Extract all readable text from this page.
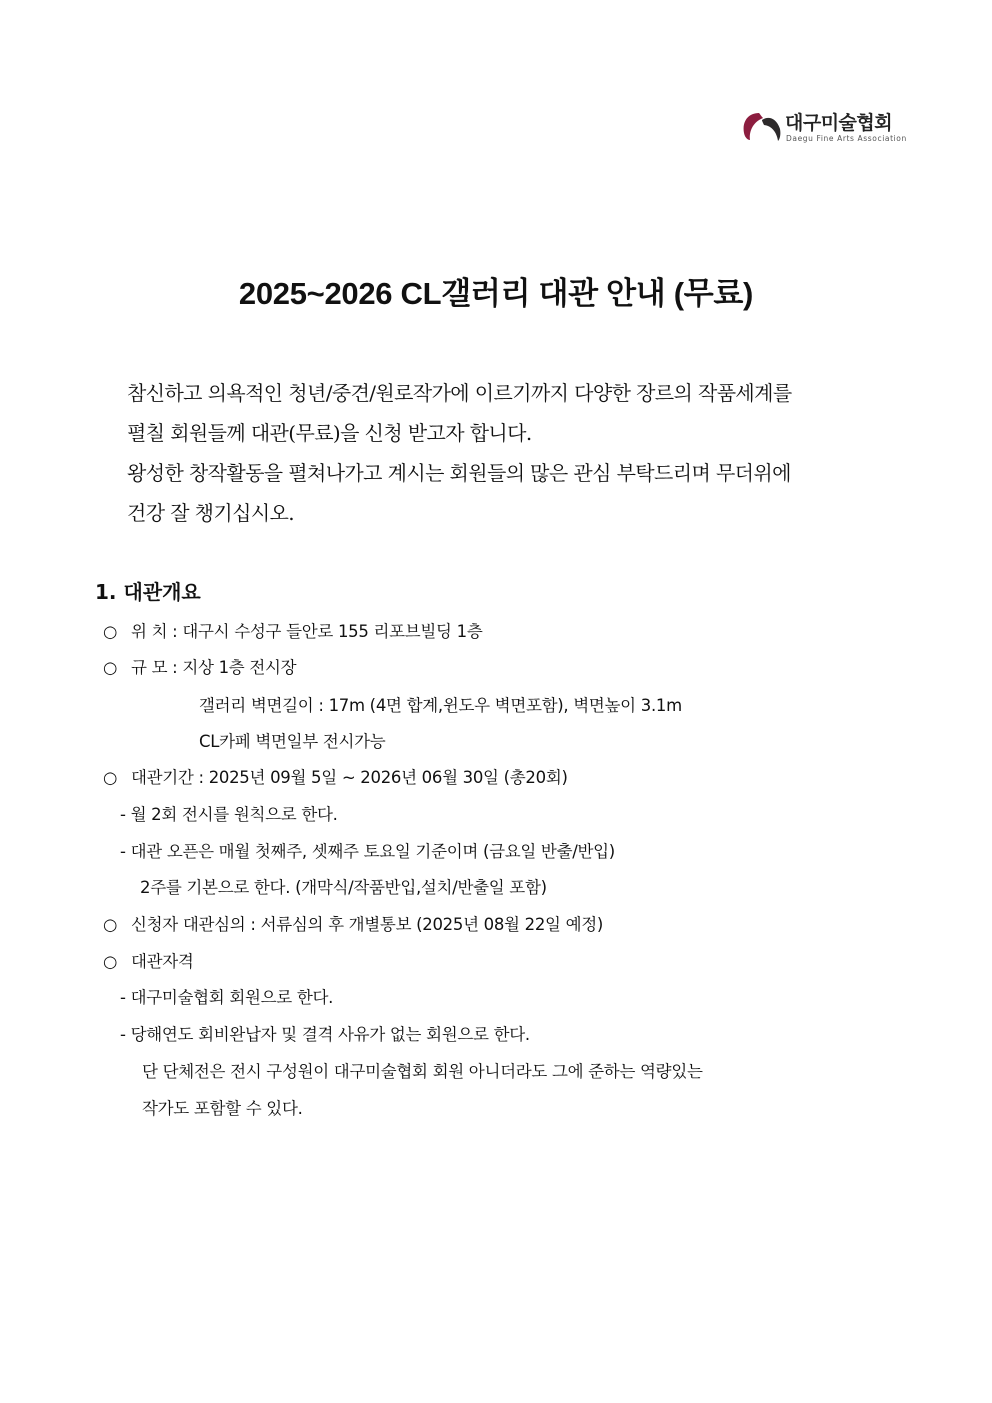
대구미술협회
Daegu Fine Arts Association
2025~2026 CL갤러리 대관 안내 (무료)

참신하고 의욕적인 청년/중견/원로작가에 이르기까지 다양한 장르의 작품세계를

펼칠 회원들께 대관(무료)을 신청 받고자 합니다.

왕성한 창작활동을 펼쳐나가고 계시는 회원들의 많은 관심 부탁드리며 무더위에

건강 잘 챙기십시오.

1. 대관개요
○ 위 치 : 대구시 수성구 들안로 155 리포브빌딩 1층
○ 규 모 : 지상 1층 전시장
갤러리 벽면길이 : 17m (4면 합계,윈도우 벽면포함), 벽면높이 3.1m
CL카페 벽면일부 전시가능
○ 대관기간 : 2025년 09월 5일 ~ 2026년 06월 30일 (총20회)
- 월 2회 전시를 원칙으로 한다.
- 대관 오픈은 매월 첫째주, 셋째주 토요일 기준이며 (금요일 반출/반입)
2주를 기본으로 한다. (개막식/작품반입,설치/반출일 포함)
○ 신청자 대관심의 : 서류심의 후 개별통보 (2025년 08월 22일 예정)
○ 대관자격
- 대구미술협회 회원으로 한다.
- 당해연도 회비완납자 및 결격 사유가 없는 회원으로 한다.
단 단체전은 전시 구성원이 대구미술협회 회원 아니더라도 그에 준하는 역량있는
작가도 포함할 수 있다.
